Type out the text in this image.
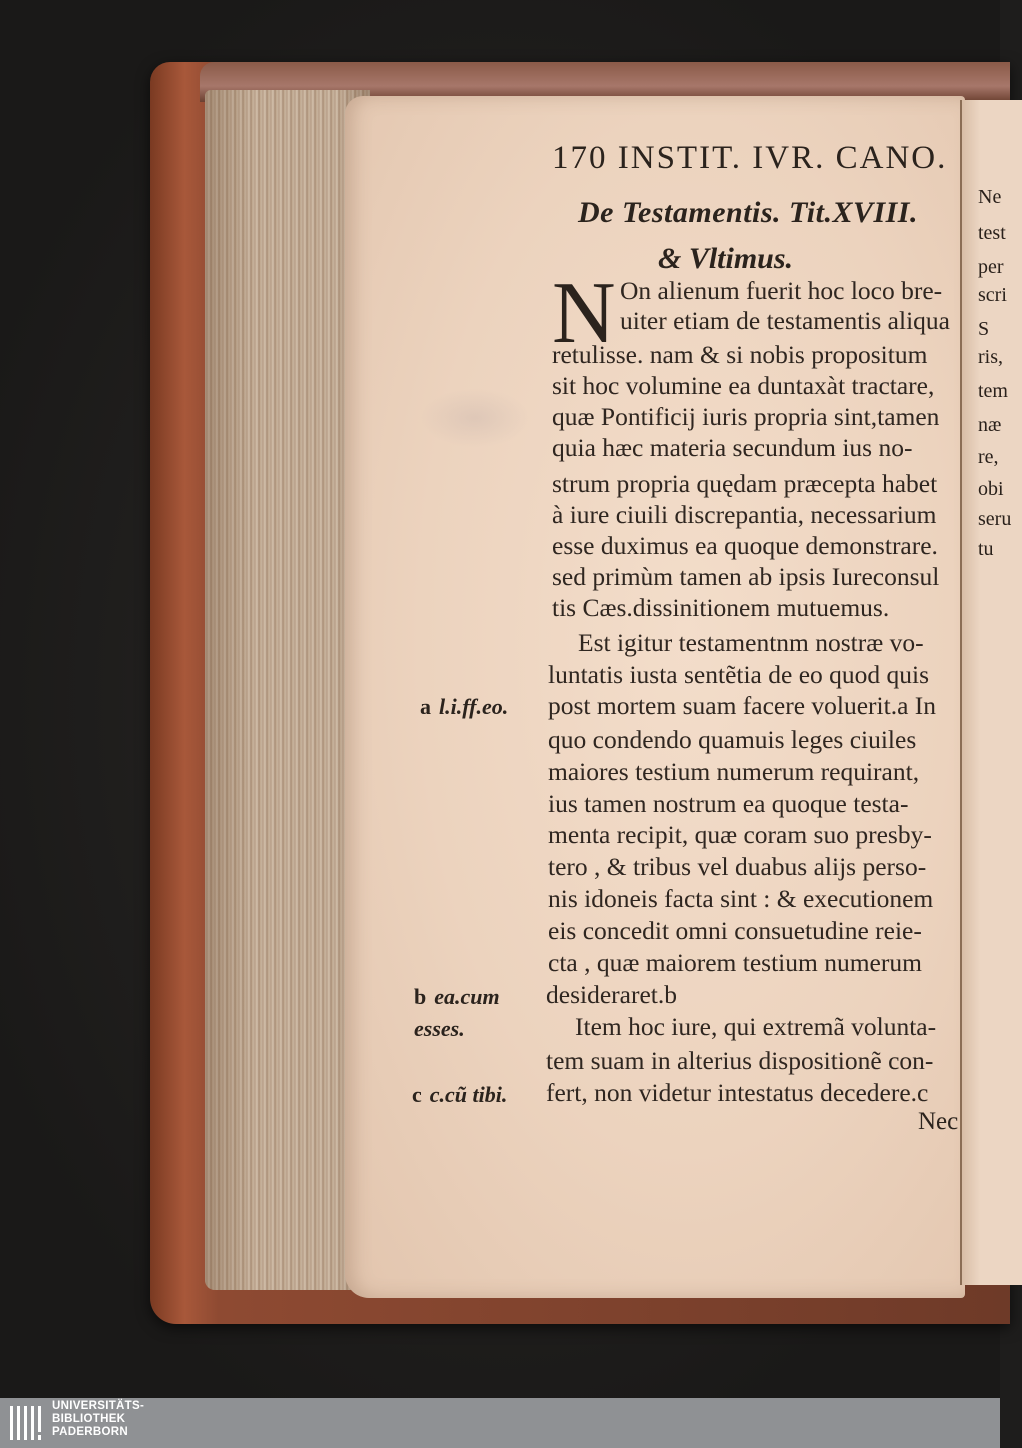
Ne
test
per
scri
S
ris,
tem
næ
re,
obi
seru
tu
170 INSTIT. IVR. CANO.
De Testamentis. Tit.XVIII.
& Vltimus.
N On alienum fuerit hoc loco bre-
uiter etiam de testamentis aliqua
retulisse. nam & si nobis propositum
sit hoc volumine ea duntaxàt tractare,
quæ Pontificij iuris propria sint,tamen
quia hæc materia secundum ius no-
strum propria quędam præcepta habet
à iure ciuili discrepantia, necessarium
esse duximus ea quoque demonstrare.
sed primùm tamen ab ipsis Iureconsul
tis Cæs.dissinitionem mutuemus.
Est igitur testamentnm nostræ vo-
luntatis iusta sentẽtia de eo quod quis
post mortem suam facere voluerit.a In
quo condendo quamuis leges ciuiles
maiores testium numerum requirant,
ius tamen nostrum ea quoque testa-
menta recipit, quæ coram suo presby-
tero , & tribus vel duabus alijs perso-
nis idoneis facta sint : & executionem
eis concedit omni consuetudine reie-
cta , quæ maiorem testium numerum
desideraret.b
Item hoc iure, qui extremã volunta-
tem suam in alterius dispositionẽ con-
fert, non videtur intestatus decedere.c
Nec
a l.i.ff.eo.
b ea.cum
esses.
c c.cũ tibi.
UNIVERSITÄTS-
BIBLIOTHEK
PADERBORN
